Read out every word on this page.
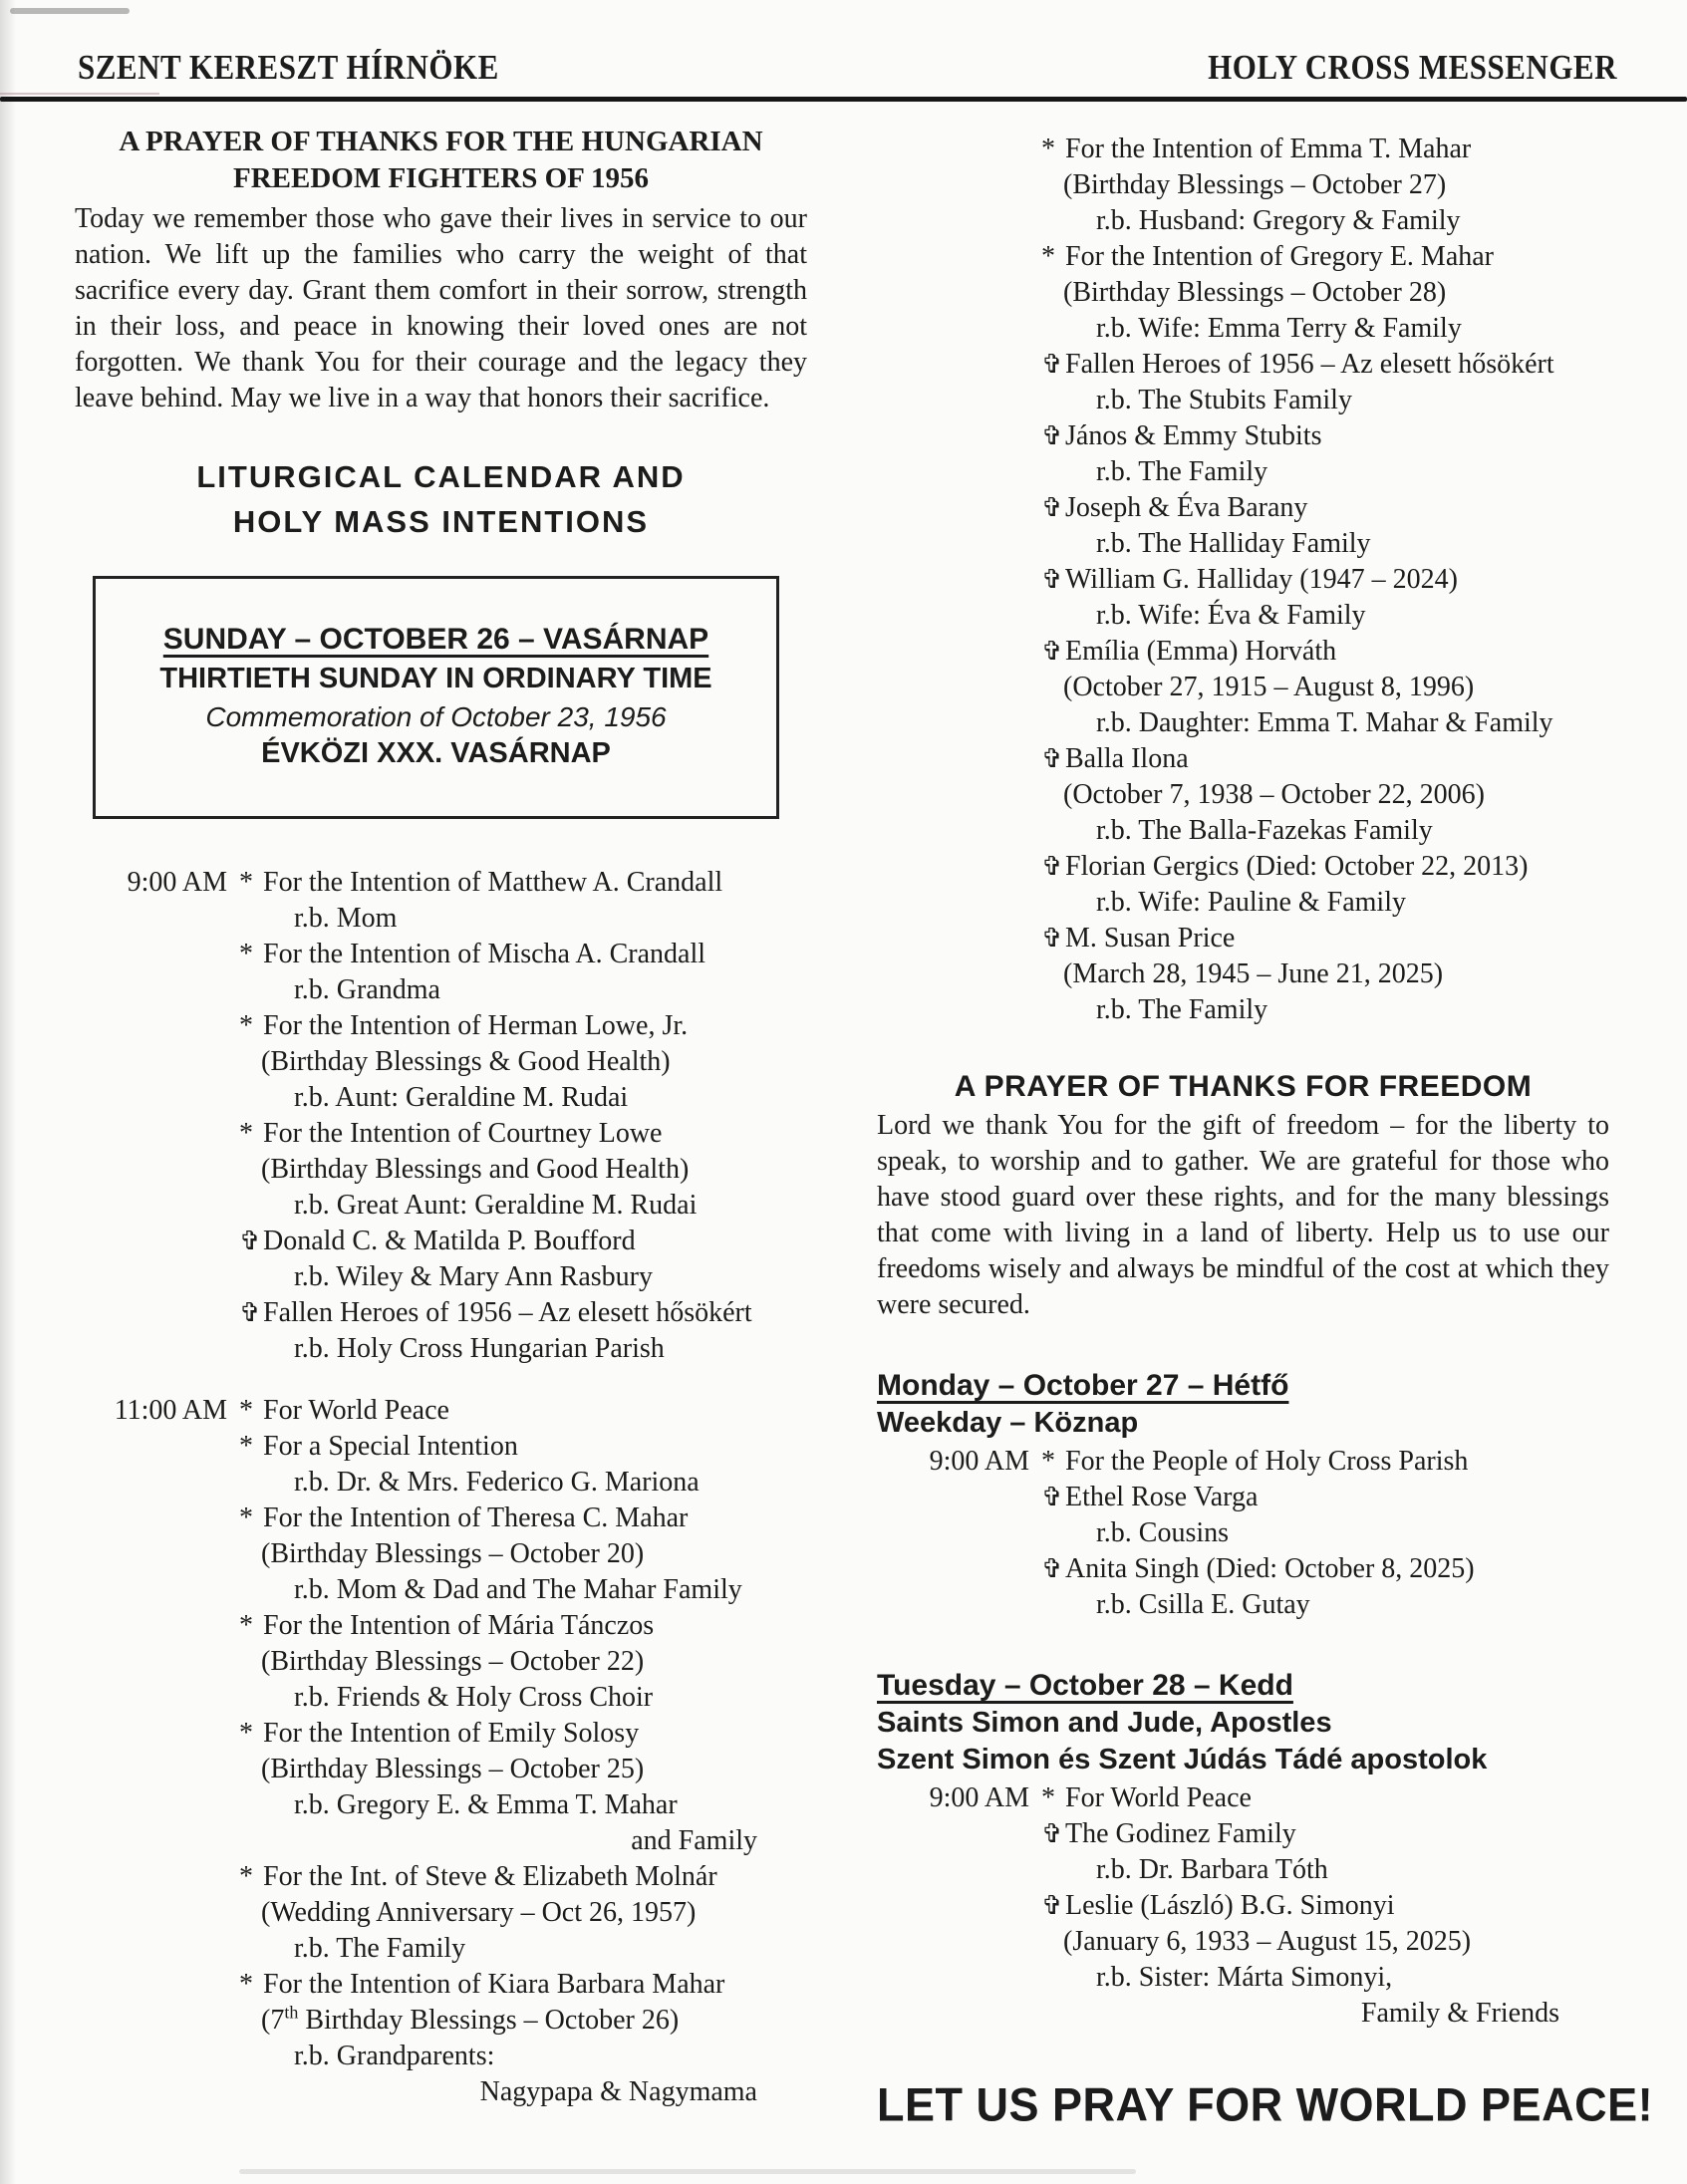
SZENT KERESZT HÍRNÖKE	HOLY CROSS MESSENGER
A PRAYER OF THANKS FOR THE HUNGARIAN
FREEDOM FIGHTERS OF 1956

Today we remember those who gave their lives in service to our nation. We lift up the families who carry the weight of that sacrifice every day. Grant them comfort in their sorrow, strength in their loss, and peace in knowing their loved ones are not forgotten. We thank You for their courage and the legacy they leave behind. May we live in a way that honors their sacrifice.

LITURGICAL CALENDAR AND
HOLY MASS INTENTIONS
SUNDAY – OCTOBER 26 – VASÁRNAP
THIRTIETH SUNDAY IN ORDINARY TIME
Commemoration of October 23, 1956
ÉVKÖZI XXX. VASÁRNAP
9:00 AM * For the Intention of Matthew A. Crandall
r.b. Mom
* For the Intention of Mischa A. Crandall
r.b. Grandma
* For the Intention of Herman Lowe, Jr.
(Birthday Blessings & Good Health)
r.b. Aunt: Geraldine M. Rudai
* For the Intention of Courtney Lowe
(Birthday Blessings and Good Health)
r.b. Great Aunt: Geraldine M. Rudai
✞Donald C. & Matilda P. Boufford
r.b. Wiley & Mary Ann Rasbury
✞Fallen Heroes of 1956 – Az elesett hősökért
r.b. Holy Cross Hungarian Parish
11:00 AM * For World Peace
* For a Special Intention
r.b. Dr. & Mrs. Federico G. Mariona
* For the Intention of Theresa C. Mahar
(Birthday Blessings – October 20)
r.b. Mom & Dad and The Mahar Family
* For the Intention of Mária Tánczos
(Birthday Blessings – October 22)
r.b. Friends & Holy Cross Choir
* For the Intention of Emily Solosy
(Birthday Blessings – October 25)
r.b. Gregory E. & Emma T. Mahar
and Family
* For the Int. of Steve & Elizabeth Molnár
(Wedding Anniversary – Oct 26, 1957)
r.b. The Family
* For the Intention of Kiara Barbara Mahar
(7th Birthday Blessings – October 26)
r.b. Grandparents:
Nagypapa & Nagymama
* For the Intention of Emma T. Mahar
(Birthday Blessings – October 27)
r.b. Husband: Gregory & Family
* For the Intention of Gregory E. Mahar
(Birthday Blessings – October 28)
r.b. Wife: Emma Terry & Family
✞Fallen Heroes of 1956 – Az elesett hősökért
r.b. The Stubits Family
✞János & Emmy Stubits
r.b. The Family
✞Joseph & Éva Barany
r.b. The Halliday Family
✞William G. Halliday (1947 – 2024)
r.b. Wife: Éva & Family
✞Emília (Emma) Horváth
(October 27, 1915 – August 8, 1996)
r.b. Daughter: Emma T. Mahar & Family
✞Balla Ilona
(October 7, 1938 – October 22, 2006)
r.b. The Balla-Fazekas Family
✞Florian Gergics (Died: October 22, 2013)
r.b. Wife: Pauline & Family
✞M. Susan Price
(March 28, 1945 – June 21, 2025)
r.b. The Family
A PRAYER OF THANKS FOR FREEDOM

Lord we thank You for the gift of freedom – for the liberty to speak, to worship and to gather. We are grateful for those who have stood guard over these rights, and for the many blessings that come with living in a land of liberty. Help us to use our freedoms wisely and always be mindful of the cost at which they were secured.

Monday – October 27 – Hétfő
Weekday – Köznap
9:00 AM * For the People of Holy Cross Parish
✞Ethel Rose Varga
r.b. Cousins
✞Anita Singh (Died: October 8, 2025)
r.b. Csilla E. Gutay
Tuesday – October 28 – Kedd
Saints Simon and Jude, Apostles
Szent Simon és Szent Júdás Tádé apostolok
9:00 AM * For World Peace
✞The Godinez Family
r.b. Dr. Barbara Tóth
✞Leslie (László) B.G. Simonyi
(January 6, 1933 – August 15, 2025)
r.b. Sister: Márta Simonyi,
Family & Friends
LET US PRAY FOR WORLD PEACE!
